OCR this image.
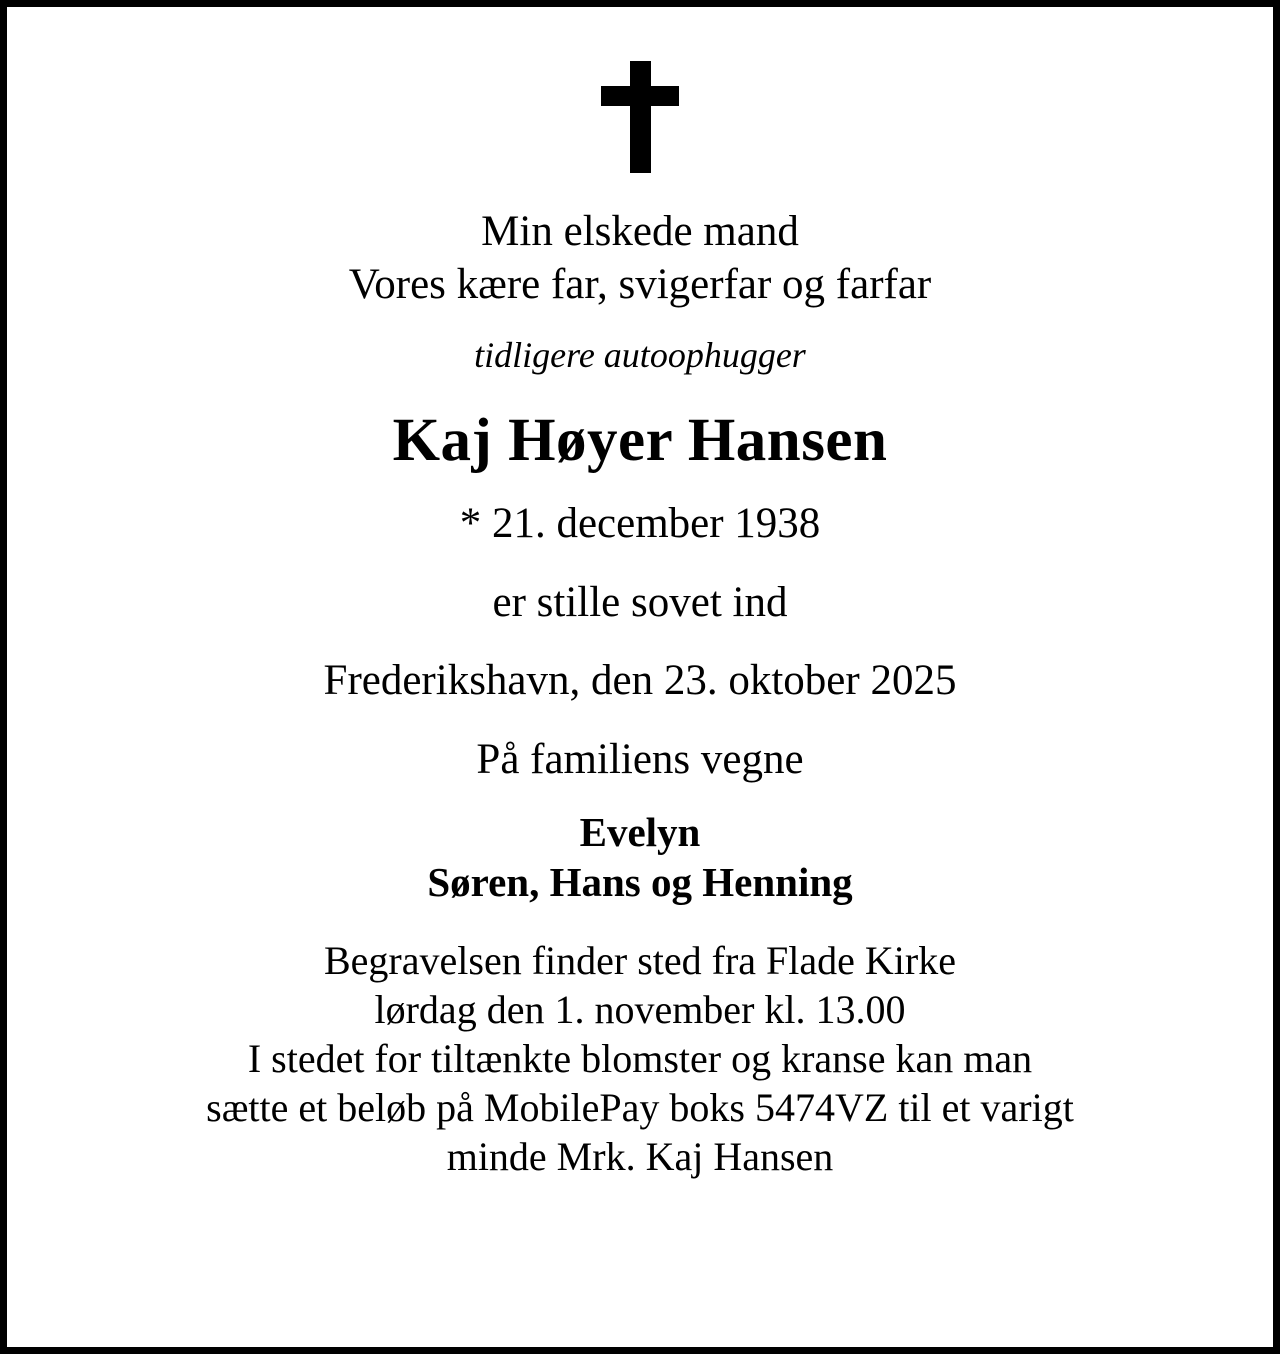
Min elskede mand
Vores kære far, svigerfar og farfar
tidligere autoophugger
Kaj Høyer Hansen
* 21. december 1938
er stille sovet ind
Frederikshavn, den 23. oktober 2025
På familiens vegne
Evelyn
Søren, Hans og Henning
Begravelsen finder sted fra Flade Kirke
lørdag den 1. november kl. 13.00
I stedet for tiltænkte blomster og kranse kan man
sætte et beløb på MobilePay boks 5474VZ til et varigt
minde Mrk. Kaj Hansen
